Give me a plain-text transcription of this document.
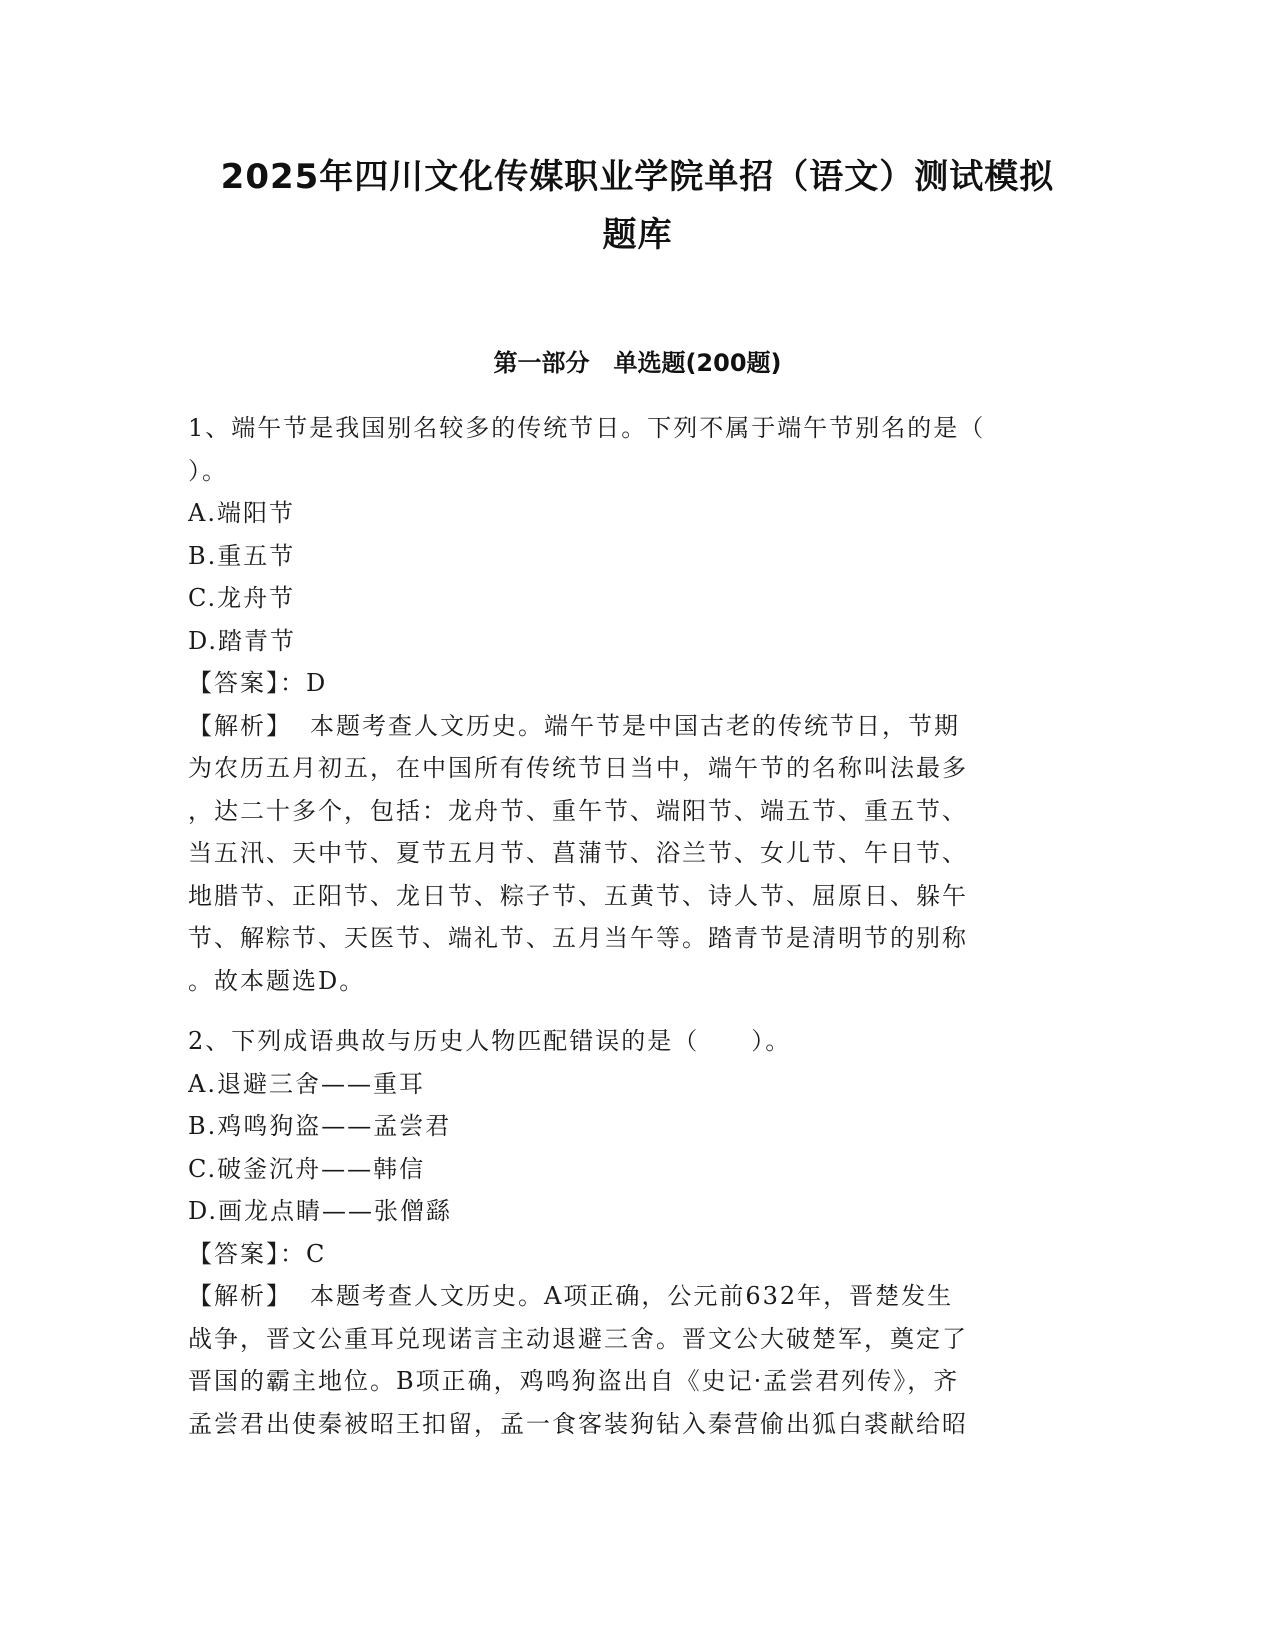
2025年四川文化传媒职业学院单招（语文）测试模拟
题库
第一部分　单选题(200题)
1、端午节是我国别名较多的传统节日。下列不属于端午节别名的是（
）。
A.端阳节
B.重五节
C.龙舟节
D.踏青节
【答案】：D
【解析】 本题考查人文历史。端午节是中国古老的传统节日，节期
为农历五月初五，在中国所有传统节日当中，端午节的名称叫法最多
，达二十多个，包括：龙舟节、重午节、端阳节、端五节、重五节、
当五汛、天中节、夏节五月节、菖蒲节、浴兰节、女儿节、午日节、
地腊节、正阳节、龙日节、粽子节、五黄节、诗人节、屈原日、躲午
节、解粽节、天医节、端礼节、五月当午等。踏青节是清明节的别称
。故本题选D。
2、下列成语典故与历史人物匹配错误的是（　　）。
A.退避三舍——重耳
B.鸡鸣狗盗——孟尝君
C.破釜沉舟——韩信
D.画龙点睛——张僧繇
【答案】：C
【解析】 本题考查人文历史。A项正确，公元前632年，晋楚发生
战争，晋文公重耳兑现诺言主动退避三舍。晋文公大破楚军，奠定了
晋国的霸主地位。B项正确，鸡鸣狗盗出自《史记·孟尝君列传》，齐
孟尝君出使秦被昭王扣留，孟一食客装狗钻入秦营偷出狐白裘献给昭
